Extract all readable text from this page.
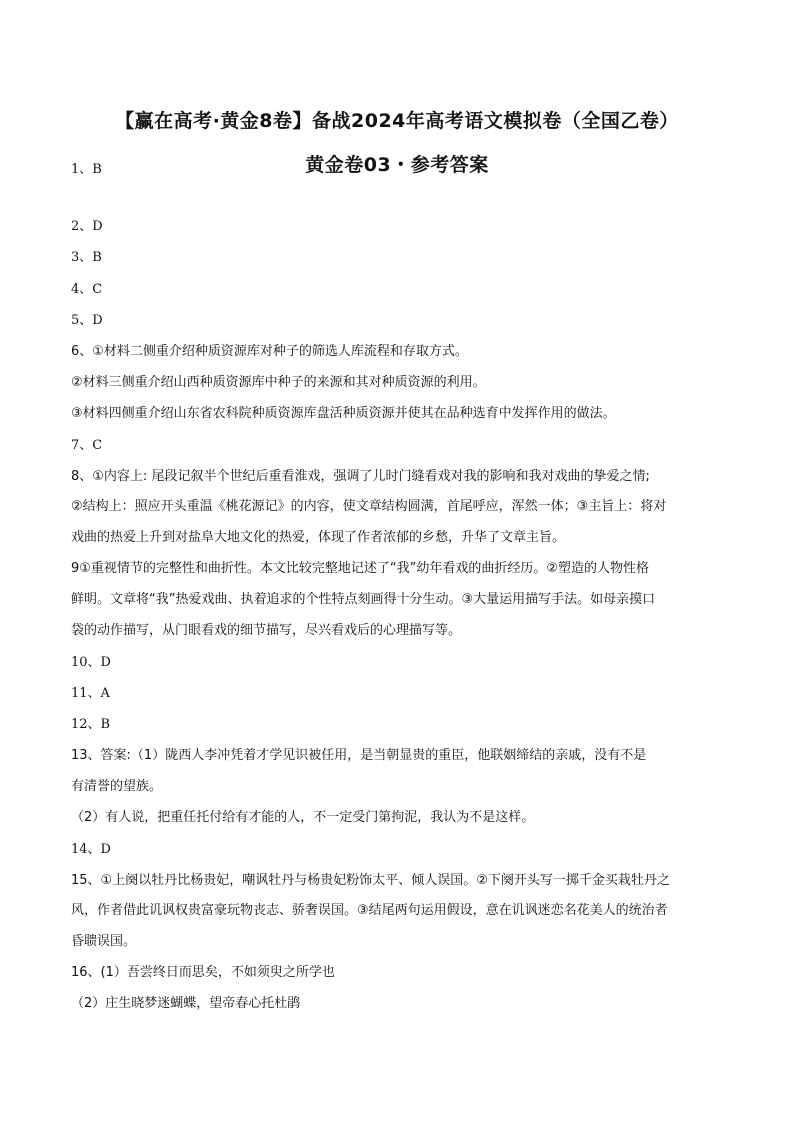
【赢在高考·黄金8卷】备战2024年高考语文模拟卷（全国乙卷）
黄金卷03・参考答案
1、B
2、D
3、B
4、C
5、D
6、①材料二侧重介绍种质资源库对种子的筛选人库流程和存取方式。
②材料三侧重介绍山西种质资源库中种子的来源和其对种质资源的利用。
③材料四侧重介绍山东省农科院种质资源库盘活种质资源并使其在品种选育中发挥作用的做法。
7、C
8、①内容上: 尾段记叙半个世纪后重看淮戏，强调了儿时门缝看戏对我的影响和我对戏曲的挚爱之情;
②结构上：照应开头重温《桃花源记》的内容，使文章结构圆满，首尾呼应，浑然一体；③主旨上：将对
戏曲的热爱上升到对盐阜大地文化的热爱，体现了作者浓郁的乡愁，升华了文章主旨。
9①重视情节的完整性和曲折性。本文比较完整地记述了“我”幼年看戏的曲折经历。②塑造的人物性格
鲜明。文章将“我”热爱戏曲、执着追求的个性特点刻画得十分生动。③大量运用描写手法。如母亲摸口
袋的动作描写，从门眼看戏的细节描写，尽兴看戏后的心理描写等。
10、D
11、A
12、B
13、答案:（1）陇西人李冲凭着才学见识被任用，是当朝显贵的重臣，他联姻缔结的亲戚，没有不是
有清誉的望族。
（2）有人说，把重任托付给有才能的人，不一定受门第拘泥，我认为不是这样。
14、D
15、①上阕以牡丹比杨贵妃，嘲讽牡丹与杨贵妃粉饰太平、倾人误国。②下阕开头写一掷千金买栽牡丹之
风，作者借此讥讽权贵富豪玩物丧志、骄奢误国。③结尾两句运用假设，意在讥讽迷恋名花美人的统治者
昏聩误国。
16、(1）吾尝终日而思矣，不如须臾之所学也
（2）庄生晓梦迷蝴蝶，望帝春心托杜鹃
